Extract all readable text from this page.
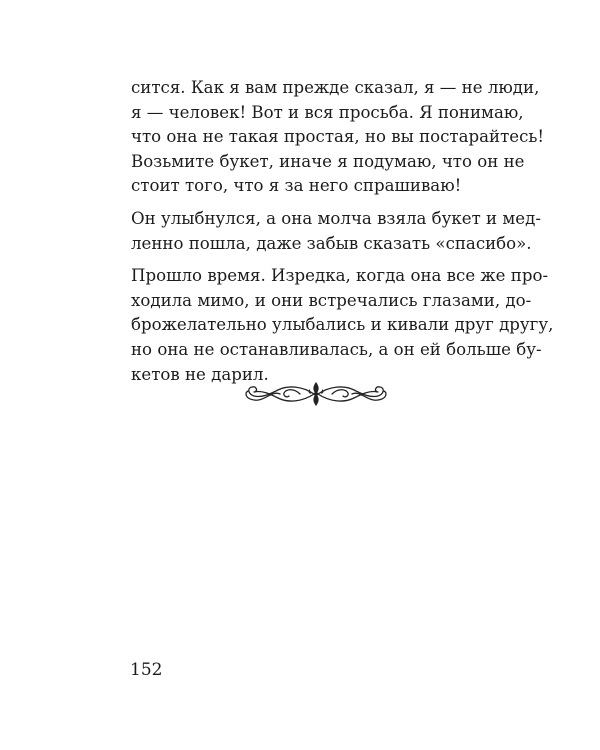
сится. Как я вам прежде сказал, я — не люди,
я — человек! Вот и вся просьба. Я понимаю,
что она не такая простая, но вы постарайтесь!
Возьмите букет, иначе я подумаю, что он не
стоит того, что я за него спрашиваю!

Он улыбнулся, а она молча взяла букет и мед-
ленно пошла, даже забыв сказать «спасибо».

Прошло время. Изредка, когда она все же про-
ходила мимо, и они встречались глазами, до-
брожелательно улыбались и кивали друг другу,
но она не останавливалась, а он ей больше бу-
кетов не дарил.

152
